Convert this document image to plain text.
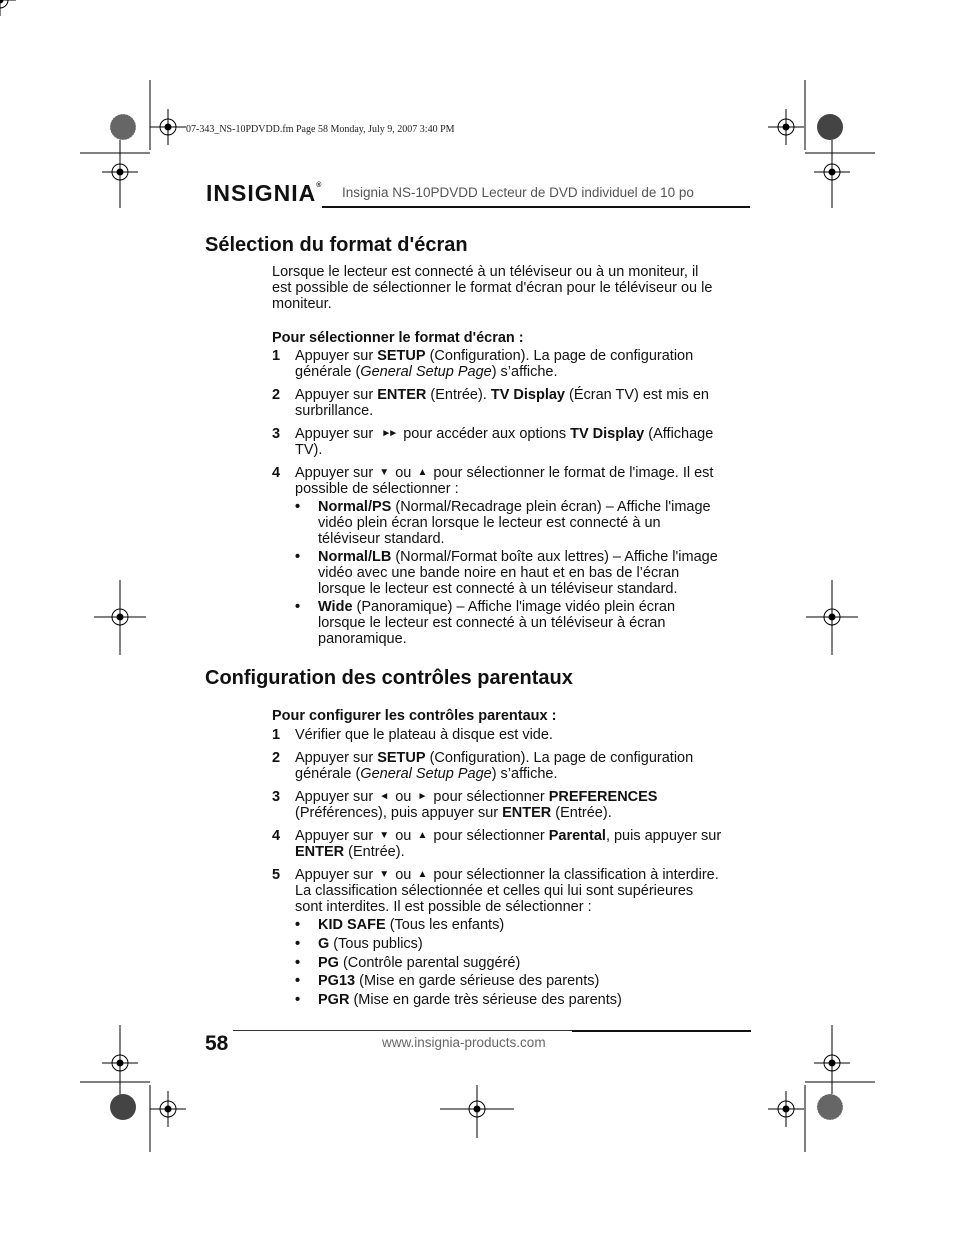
07-343_NS-10PDVDD.fm Page 58 Monday, July 9, 2007 3:40 PM
INSIGNIA® Insignia NS-10PDVDD Lecteur de DVD individuel de 10 po
Sélection du format d'écran
Lorsque le lecteur est connecté à un téléviseur ou à un moniteur, il
est possible de sélectionner le format d'écran pour le téléviseur ou le
moniteur.
Pour sélectionner le format d'écran :
1 Appuyer sur SETUP (Configuration). La page de configuration
générale (General Setup Page) s’affiche.
2 Appuyer sur ENTER (Entrée). TV Display (Écran TV) est mis en
surbrillance.
3 Appuyer sur ►► pour accéder aux options TV Display (Affichage
TV).
4 Appuyer sur ▼ ou ▲ pour sélectionner le format de l'image. Il est
possible de sélectionner :
• Normal/PS (Normal/Recadrage plein écran) – Affiche l'image
vidéo plein écran lorsque le lecteur est connecté à un
téléviseur standard.
• Normal/LB (Normal/Format boîte aux lettres) – Affiche l'image
vidéo avec une bande noire en haut et en bas de l’écran
lorsque le lecteur est connecté à un téléviseur standard.
• Wide (Panoramique) – Affiche l'image vidéo plein écran
lorsque le lecteur est connecté à un téléviseur à écran
panoramique.
Configuration des contrôles parentaux
Pour configurer les contrôles parentaux :
1 Vérifier que le plateau à disque est vide.
2 Appuyer sur SETUP (Configuration). La page de configuration
générale (General Setup Page) s’affiche.
3 Appuyer sur ◄ ou ► pour sélectionner PREFERENCES
(Préférences), puis appuyer sur ENTER (Entrée).
4 Appuyer sur ▼ ou ▲ pour sélectionner Parental, puis appuyer sur
ENTER (Entrée).
5 Appuyer sur ▼ ou ▲ pour sélectionner la classification à interdire.
La classification sélectionnée et celles qui lui sont supérieures
sont interdites. Il est possible de sélectionner :
• KID SAFE (Tous les enfants)
• G (Tous publics)
• PG (Contrôle parental suggéré)
• PG13 (Mise en garde sérieuse des parents)
• PGR (Mise en garde très sérieuse des parents)
58	www.insignia-products.com
